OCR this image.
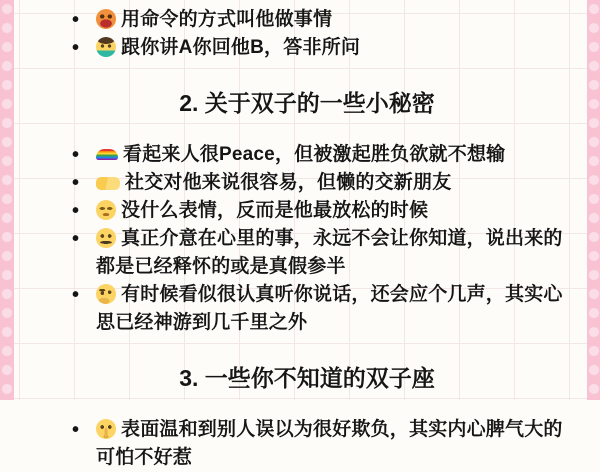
•	用命令的方式叫他做事情
•	跟你讲A你回他B，答非所问
2. 关于双子的一些小秘密
•	看起来人很Peace，但被激起胜负欲就不想输
•	社交对他来说很容易，但懒的交新朋友
•	没什么表情，反而是他最放松的时候
•	真正介意在心里的事，永远不会让你知道，说出来的都是已经释怀的或是真假参半
•	有时候看似很认真听你说话，还会应个几声，其实心思已经神游到几千里之外
3. 一些你不知道的双子座
•	表面温和到别人误以为很好欺负，其实内心脾气大的可怕不好惹
